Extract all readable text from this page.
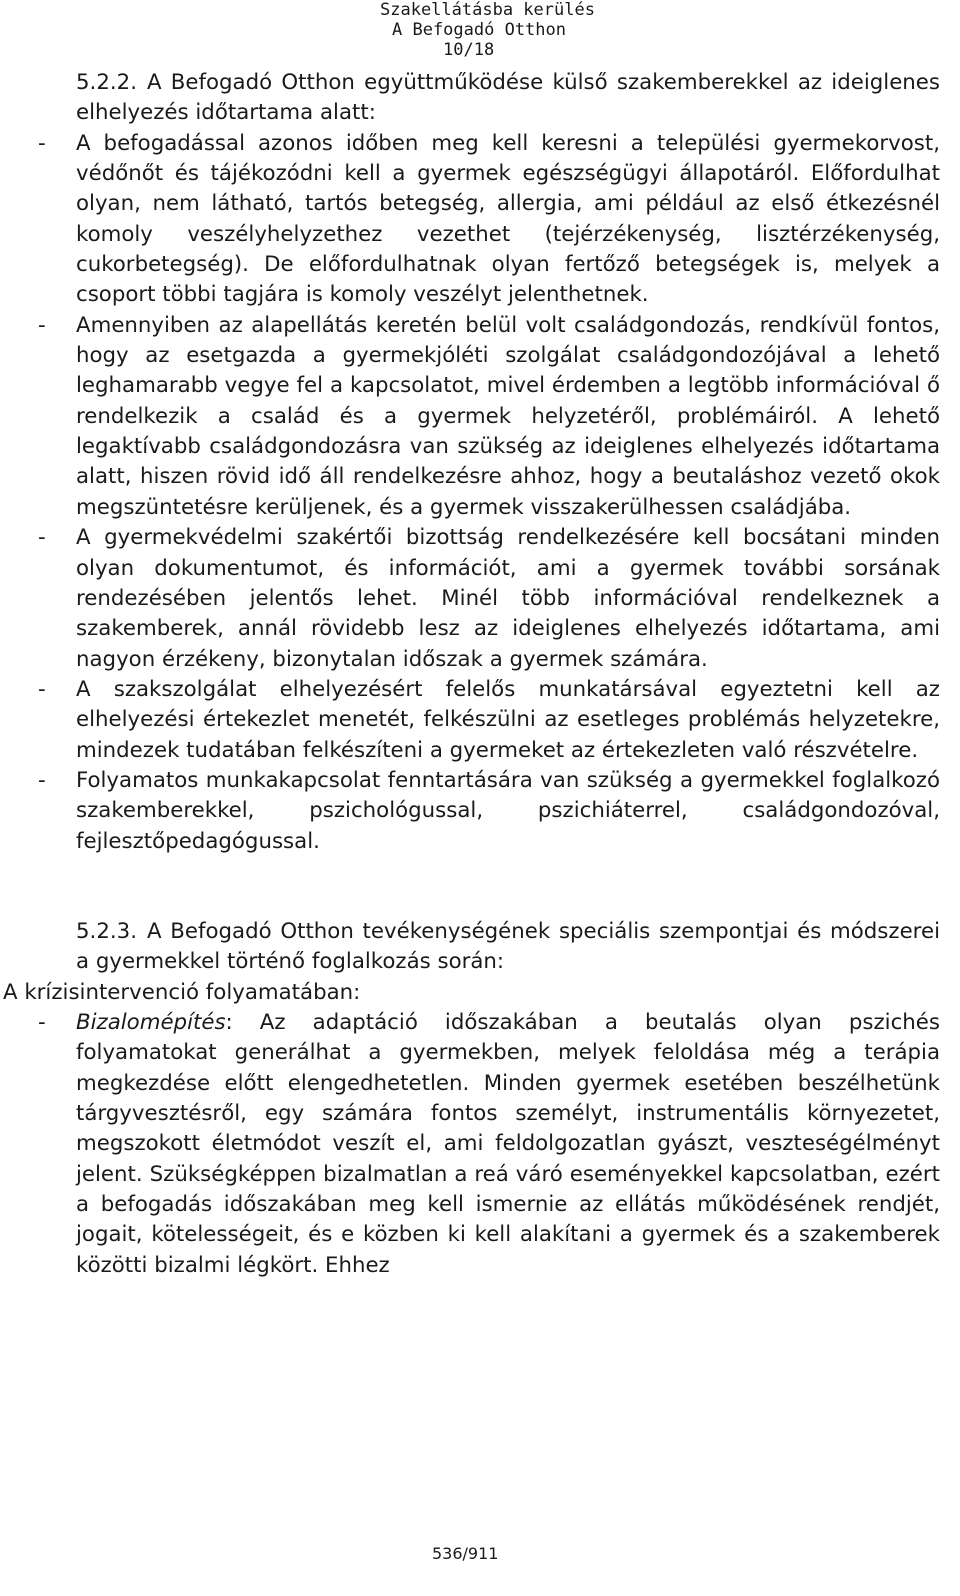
Szakellátásba kerülés
A Befogadó Otthon
10/18

5.2.2. A Befogadó Otthon együttműködése külső szakemberekkel az ideiglenes elhelyezés időtartama alatt:

- A befogadással azonos időben meg kell keresni a települési gyermekorvost, védőnőt és tájékozódni kell a gyermek egészségügyi állapotáról. Előfordulhat olyan, nem látható, tartós betegség, allergia, ami például az első étkezésnél komoly veszélyhelyzethez vezethet (tejérzékenység, lisztérzékenység, cukorbetegség). De előfordulhatnak olyan fertőző betegségek is, melyek a csoport többi tagjára is komoly veszélyt jelenthetnek.

- Amennyiben az alapellátás keretén belül volt családgondozás, rendkívül fontos, hogy az esetgazda a gyermekjóléti szolgálat családgondozójával a lehető leghamarabb vegye fel a kapcsolatot, mivel érdemben a legtöbb információval ő rendelkezik a család és a gyermek helyzetéről, problémáiról. A lehető legaktívabb családgondozásra van szükség az ideiglenes elhelyezés időtartama alatt, hiszen rövid idő áll rendelkezésre ahhoz, hogy a beutaláshoz vezető okok megszüntetésre kerüljenek, és a gyermek visszakerülhessen családjába.

- A gyermekvédelmi szakértői bizottság rendelkezésére kell bocsátani minden olyan dokumentumot, és információt, ami a gyermek további sorsának rendezésében jelentős lehet. Minél több információval rendelkeznek a szakemberek, annál rövidebb lesz az ideiglenes elhelyezés időtartama, ami nagyon érzékeny, bizonytalan időszak a gyermek számára.

- A szakszolgálat elhelyezésért felelős munkatársával egyeztetni kell az elhelyezési értekezlet menetét, felkészülni az esetleges problémás helyzetekre, mindezek tudatában felkészíteni a gyermeket az értekezleten való részvételre.

- Folyamatos munkakapcsolat fenntartására van szükség a gyermekkel foglalkozó szakemberekkel, pszichológussal, pszichiáterrel, családgondozóval, fejlesztőpedagógussal.

5.2.3. A Befogadó Otthon tevékenységének speciális szempontjai és módszerei a gyermekkel történő foglalkozás során:

A krízisintervenció folyamatában:

- Bizalomépítés: Az adaptáció időszakában a beutalás olyan pszichés folyamatokat generálhat a gyermekben, melyek feloldása még a terápia megkezdése előtt elengedhetetlen. Minden gyermek esetében beszélhetünk tárgyvesztésről, egy számára fontos személyt, instrumentális környezetet, megszokott életmódot veszít el, ami feldolgozatlan gyászt, veszteségélményt jelent. Szükségképpen bizalmatlan a reá váró eseményekkel kapcsolatban, ezért a befogadás időszakában meg kell ismernie az ellátás működésének rendjét, jogait, kötelességeit, és e közben ki kell alakítani a gyermek és a szakemberek közötti bizalmi légkört. Ehhez

536/911
